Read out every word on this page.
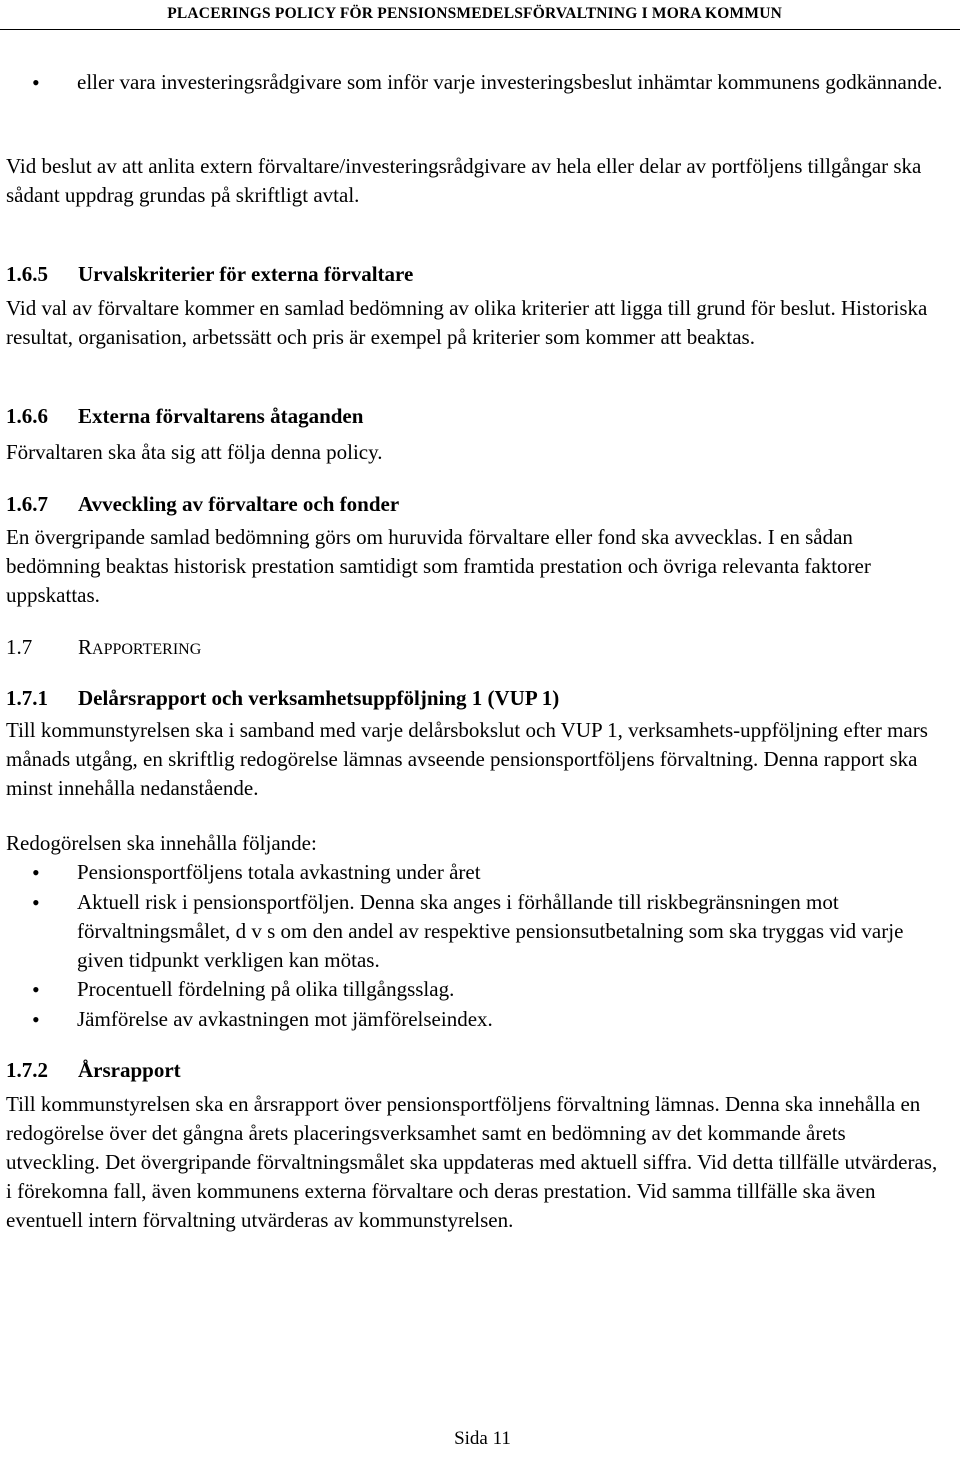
PLACERINGS POLICY FÖR PENSIONSMEDELSFÖRVALTNING I MORA KOMMUN
• eller vara investeringsrådgivare som inför varje investeringsbeslut inhämtar kommunens godkännande.

Vid beslut av att anlita extern förvaltare/investeringsrådgivare av hela eller delar av portföljens tillgångar ska sådant uppdrag grundas på skriftligt avtal.

1.6.5 Urvalskriterier för externa förvaltare

Vid val av förvaltare kommer en samlad bedömning av olika kriterier att ligga till grund för beslut. Historiska resultat, organisation, arbetssätt och pris är exempel på kriterier som kommer att beaktas.

1.6.6 Externa förvaltarens åtaganden

Förvaltaren ska åta sig att följa denna policy.

1.6.7 Avveckling av förvaltare och fonder

En övergripande samlad bedömning görs om huruvida förvaltare eller fond ska avvecklas. I en sådan bedömning beaktas historisk prestation samtidigt som framtida prestation och övriga relevanta faktorer uppskattas.

1.7 RAPPORTERING
1.7.1 Delårsrapport och verksamhetsuppföljning 1 (VUP 1)

Till kommunstyrelsen ska i samband med varje delårsbokslut och VUP 1, verksamhets-uppföljning efter mars månads utgång, en skriftlig redogörelse lämnas avseende pensionsportföljens förvaltning. Denna rapport ska minst innehålla nedanstående.

Redogörelsen ska innehålla följande:

• Pensionsportföljens totala avkastning under året
• Aktuell risk i pensionsportföljen. Denna ska anges i förhållande till riskbegränsningen mot förvaltningsmålet, d v s om den andel av respektive pensionsutbetalning som ska tryggas vid varje given tidpunkt verkligen kan mötas.
• Procentuell fördelning på olika tillgångsslag.
• Jämförelse av avkastningen mot jämförelseindex.
1.7.2 Årsrapport

Till kommunstyrelsen ska en årsrapport över pensionsportföljens förvaltning lämnas. Denna ska innehålla en redogörelse över det gångna årets placeringsverksamhet samt en bedömning av det kommande årets utveckling. Det övergripande förvaltningsmålet ska uppdateras med aktuell siffra. Vid detta tillfälle utvärderas, i förekomna fall, även kommunens externa förvaltare och deras prestation. Vid samma tillfälle ska även eventuell intern förvaltning utvärderas av kommunstyrelsen.

Sida 11
